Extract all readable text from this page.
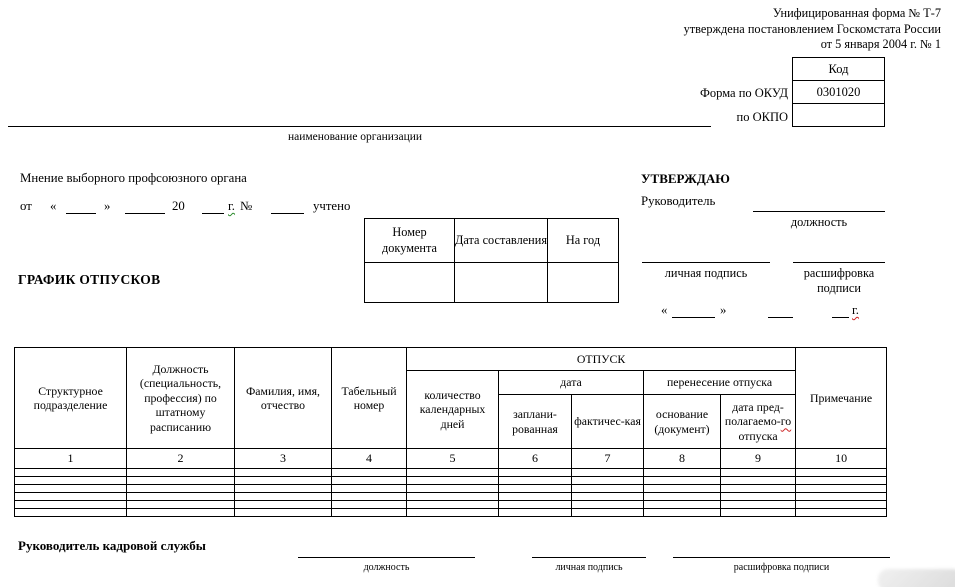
Унифицированная форма № Т-7
утверждена постановлением Госкомстата России
от 5 января 2004 г. № 1
Код
0301020

Форма по ОКУД
по ОКПО
наименование организации
Мнение выборного профсоюзного органа
от «	»	20	г. №	учтено
ГРАФИК ОТПУСКОВ
Номер документа	Дата составления	На год

УТВЕРЖДАЮ
Руководитель
должность
личная подпись	расшифровка подписи
«	»	г.
Структурное подразделение	Должность (специальность, профессия) по штатному расписанию	Фамилия, имя, отчество	Табельный номер	ОТПУСК					Примечание
				количество календарных дней	дата		перенесение отпуска		
					заплани-рованная	фактичес-кая	основание (документ)	дата пред-полагаемо-го отпуска	
1	2	3	4	5	6	7	8	9	10

Руководитель кадровой службы
должность	личная подпись	расшифровка подписи
